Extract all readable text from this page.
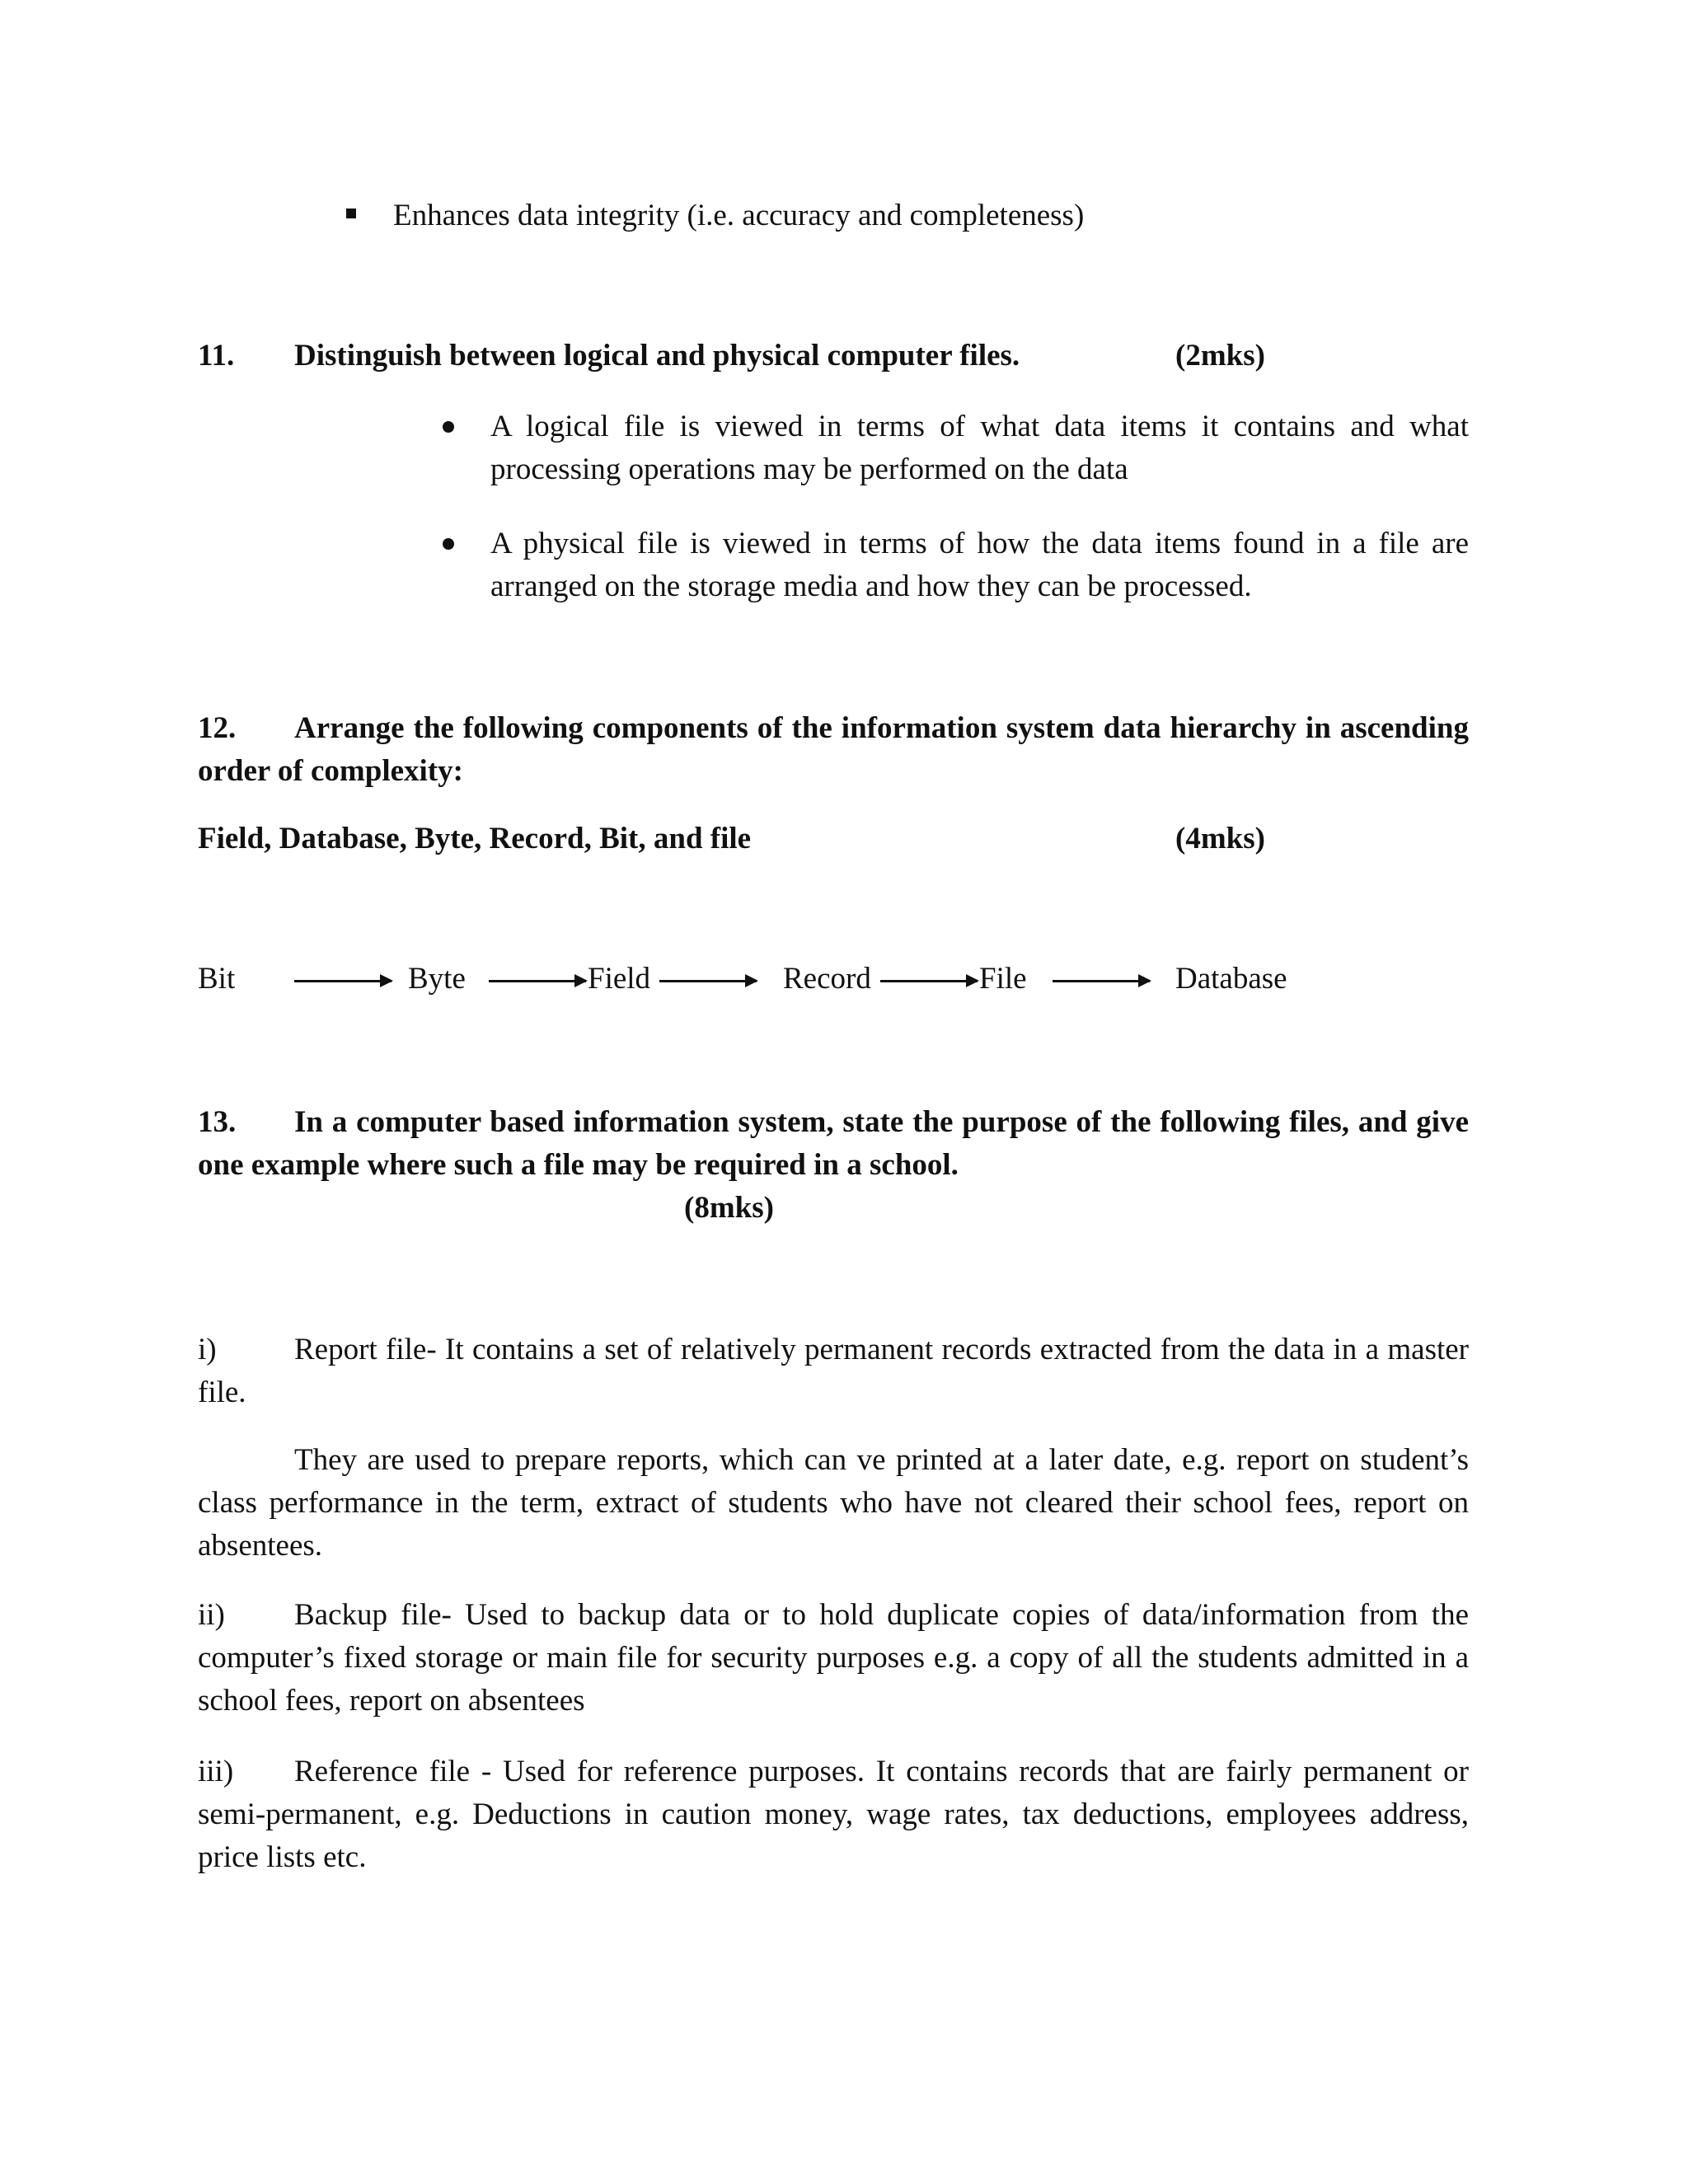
Enhances data integrity (i.e. accuracy and completeness)
11. Distinguish between logical and physical computer files.	(2mks)
A logical file is viewed in terms of what data items it contains and what processing operations may be performed on the data
A physical file is viewed in terms of how the data items found in a file are arranged on the storage media and how they can be processed.
12.	Arrange the following components of the information system data hierarchy in ascending order of complexity:
Field, Database, Byte, Record, Bit, and file	(4mks)
Bit	Byte	Field	Record	File	Database
13.	In a computer based information system, state the purpose of the following files, and give one example where such a file may be required in a school.
(8mks)
i)	Report file- It contains a set of relatively permanent records extracted from the data in a master file.
They are used to prepare reports, which can ve printed at a later date, e.g. report on student’s class performance in the term, extract of students who have not cleared their school fees, report on absentees.
ii)	Backup file- Used to backup data or to hold duplicate copies of data/information from the computer’s fixed storage or main file for security purposes e.g. a copy of all the students admitted in a school fees, report on absentees
iii)	Reference file - Used for reference purposes. It contains records that are fairly permanent or semi-permanent, e.g. Deductions in caution money, wage rates, tax deductions, employees address, price lists etc.
